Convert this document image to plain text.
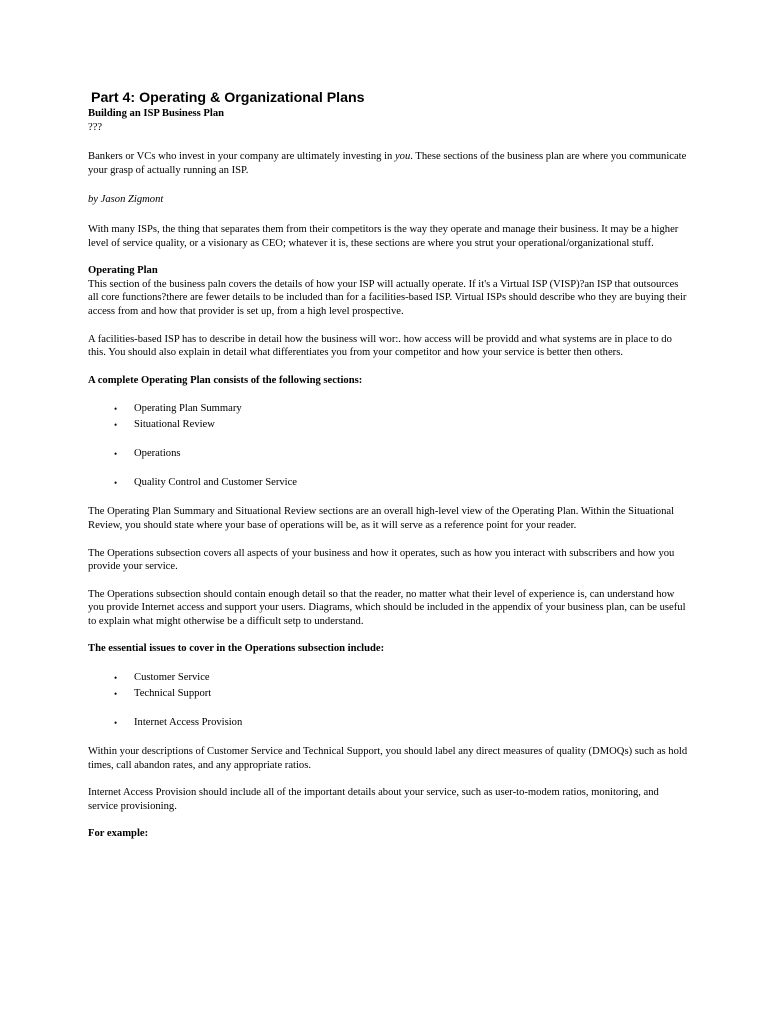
Part 4: Operating & Organizational Plans

Building an ISP Business Plan

???

Bankers or VCs who invest in your company are ultimately investing in you. These sections of the business plan are where you communicate your grasp of actually running an ISP.

by Jason Zigmont

With many ISPs, the thing that separates them from their competitors is the way they operate and manage their business. It may be a higher level of service quality, or a visionary as CEO; whatever it is, these sections are where you strut your operational/organizational stuff.

Operating Plan

This section of the business paln covers the details of how your ISP will actually operate. If it's a Virtual ISP (VISP)?an ISP that outsources all core functions?there are fewer details to be included than for a facilities-based ISP. Virtual ISPs should describe who they are buying their access from and how that provider is set up, from a high level prospective.

A facilities-based ISP has to describe in detail how the business will wor:. how access will be providd and what systems are in place to do this. You should also explain in detail what differentiates you from your competitor and how your service is better then others.

A complete Operating Plan consists of the following sections:

• Operating Plan Summary
• Situational Review
• Operations
• Quality Control and Customer Service

The Operating Plan Summary and Situational Review sections are an overall high-level view of the Operating Plan. Within the Situational Review, you should state where your base of operations will be, as it will serve as a reference point for your reader.

The Operations subsection covers all aspects of your business and how it operates, such as how you interact with subscribers and how you provide your service.

The Operations subsection should contain enough detail so that the reader, no matter what their level of experience is, can understand how you provide Internet access and support your users. Diagrams, which should be included in the appendix of your business plan, can be useful to explain what might otherwise be a difficult setp to understand.

The essential issues to cover in the Operations subsection include:

• Customer Service
• Technical Support
• Internet Access Provision

Within your descriptions of Customer Service and Technical Support, you should label any direct measures of quality (DMOQs) such as hold times, call abandon rates, and any appropriate ratios.

Internet Access Provision should include all of the important details about your service, such as user-to-modem ratios, monitoring, and service provisioning.

For example:
